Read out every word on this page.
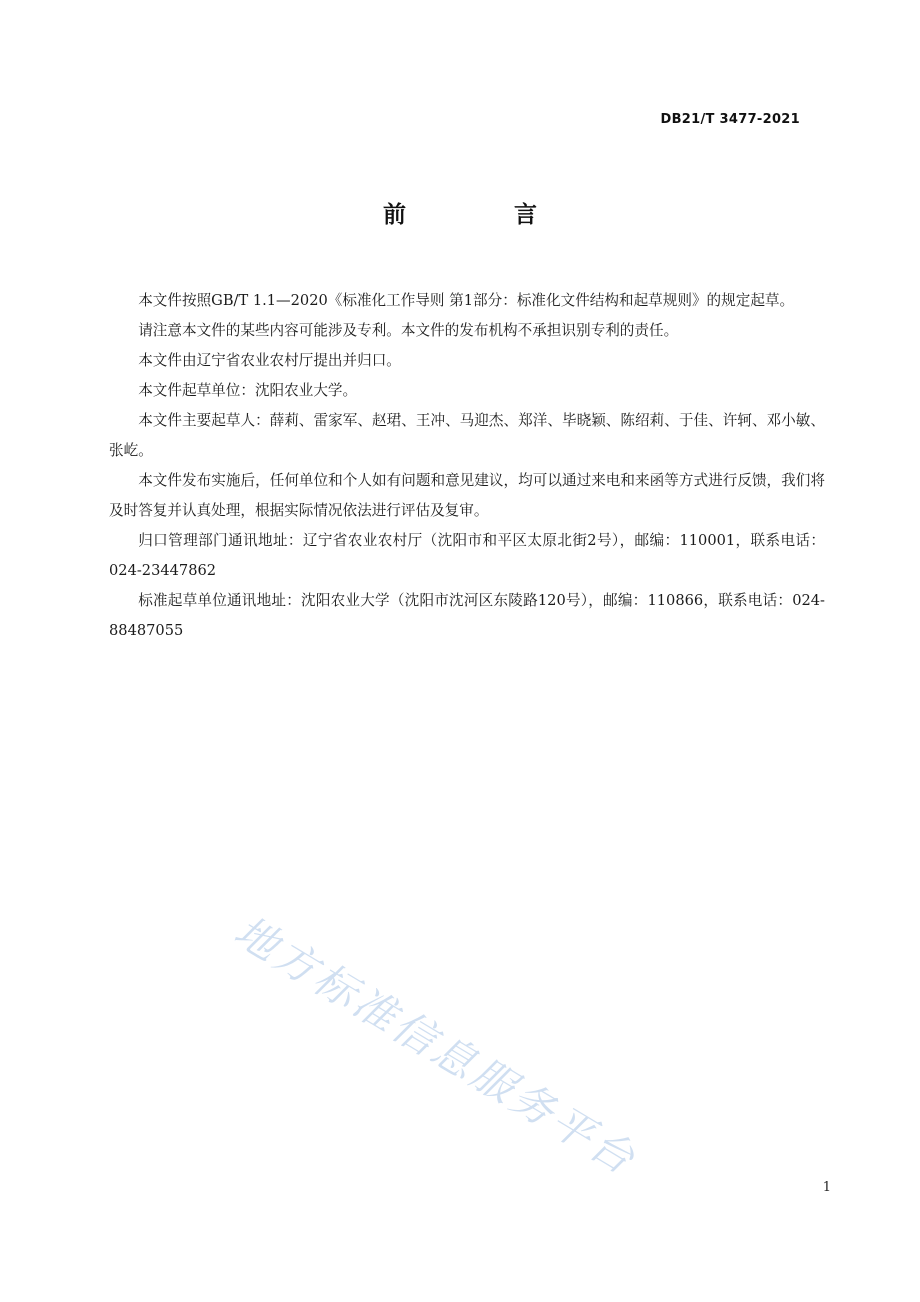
DB21/T 3477-2021
前 言

本文件按照GB/T 1.1—2020《标准化工作导则 第1部分：标准化文件结构和起草规则》的规定起草。

请注意本文件的某些内容可能涉及专利。本文件的发布机构不承担识别专利的责任。

本文件由辽宁省农业农村厅提出并归口。

本文件起草单位：沈阳农业大学。

本文件主要起草人：薛莉、雷家军、赵珺、王冲、马迎杰、郑洋、毕晓颖、陈绍莉、于佳、许轲、邓小敏、张屹。

本文件发布实施后，任何单位和个人如有问题和意见建议，均可以通过来电和来函等方式进行反馈，我们将及时答复并认真处理，根据实际情况依法进行评估及复审。

归口管理部门通讯地址：辽宁省农业农村厅（沈阳市和平区太原北街2号），邮编：110001，联系电话：024-23447862

标准起草单位通讯地址：沈阳农业大学（沈阳市沈河区东陵路120号），邮编：110866，联系电话：024-88487055

地方标准信息服务平台
1
